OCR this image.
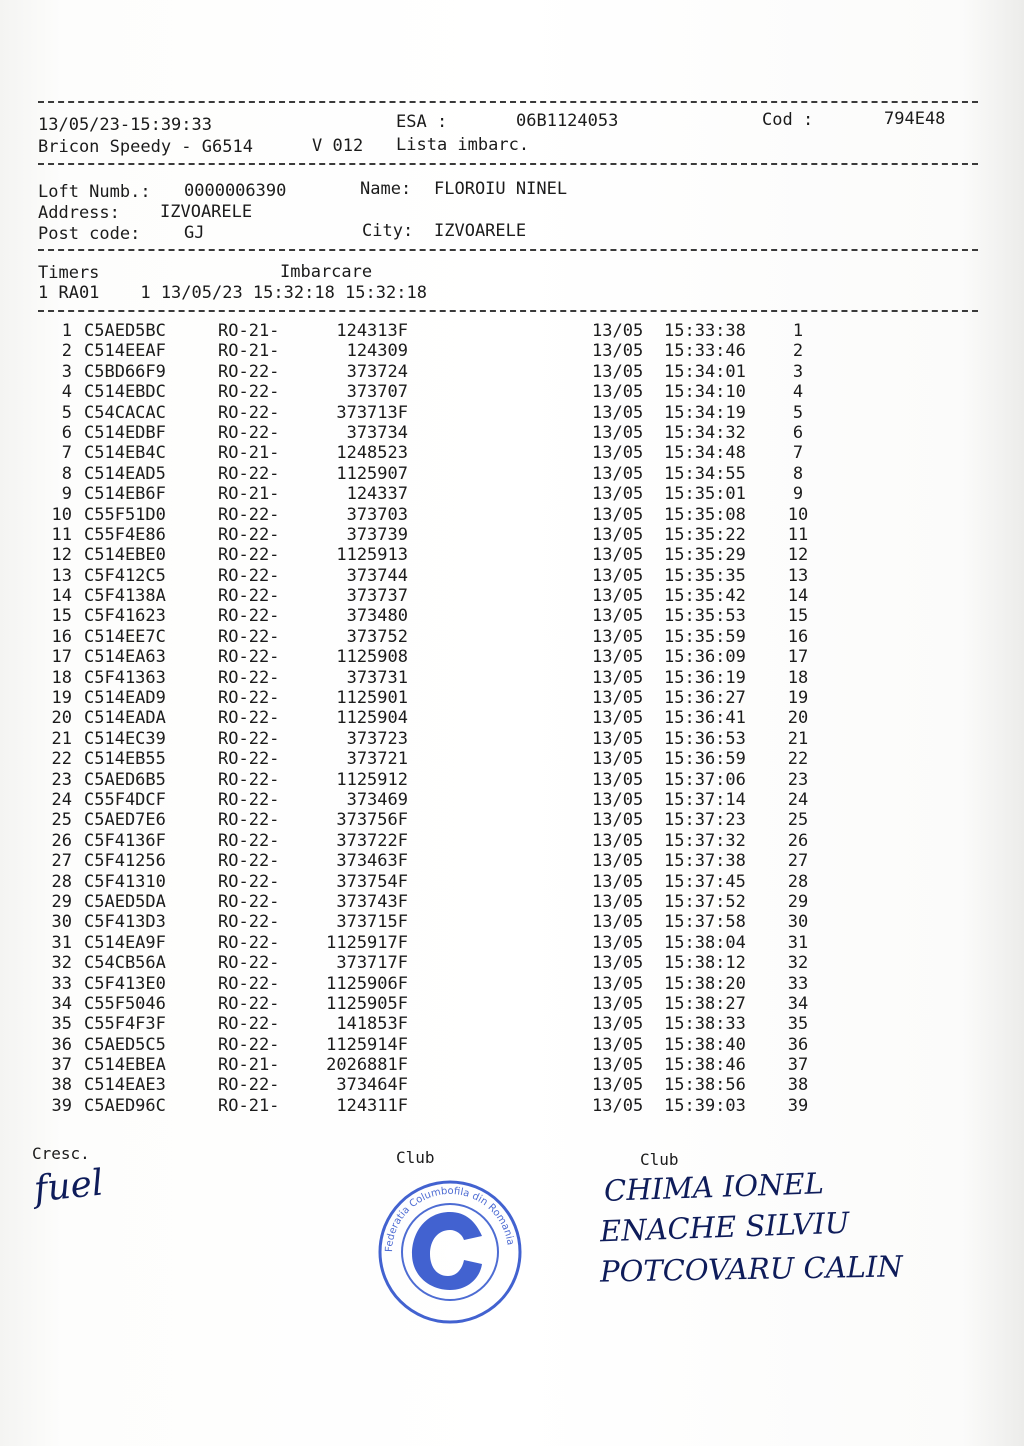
13/05/23-15:39:33	ESA :	06B1124053	Cod :	794E48
Bricon Speedy - G6514	V 012 Lista imbarc.
Loft Numb.: 0000006390	Name: FLOROIU NINEL
Address: IZVOARELE
Post code:	GJ	City: IZVOARELE
Timers	Imbarcare
1 RA01    1 13/05/23 15:32:18 15:32:18
1 C5AED5BC	RO-21-	124313F	13/05 15:33:38	1
2 C514EEAF	RO-21-	124309	13/05 15:33:46	2
3 C5BD66F9	RO-22-	373724	13/05 15:34:01	3
4 C514EBDC	RO-22-	373707	13/05 15:34:10	4
5 C54CACAC	RO-22-	373713F	13/05 15:34:19	5
6 C514EDBF	RO-22-	373734	13/05 15:34:32	6
7 C514EB4C	RO-21-	1248523	13/05 15:34:48	7
8 C514EAD5	RO-22-	1125907	13/05 15:34:55	8
9 C514EB6F	RO-21-	124337	13/05 15:35:01	9
10 C55F51D0	RO-22-	373703	13/05 15:35:08	10
11 C55F4E86	RO-22-	373739	13/05 15:35:22	11
12 C514EBE0	RO-22-	1125913	13/05 15:35:29	12
13 C5F412C5	RO-22-	373744	13/05 15:35:35	13
14 C5F4138A	RO-22-	373737	13/05 15:35:42	14
15 C5F41623	RO-22-	373480	13/05 15:35:53	15
16 C514EE7C	RO-22-	373752	13/05 15:35:59	16
17 C514EA63	RO-22-	1125908	13/05 15:36:09	17
18 C5F41363	RO-22-	373731	13/05 15:36:19	18
19 C514EAD9	RO-22-	1125901	13/05 15:36:27	19
20 C514EADA	RO-22-	1125904	13/05 15:36:41	20
21 C514EC39	RO-22-	373723	13/05 15:36:53	21
22 C514EB55	RO-22-	373721	13/05 15:36:59	22
23 C5AED6B5	RO-22-	1125912	13/05 15:37:06	23
24 C55F4DCF	RO-22-	373469	13/05 15:37:14	24
25 C5AED7E6	RO-22-	373756F	13/05 15:37:23	25
26 C5F4136F	RO-22-	373722F	13/05 15:37:32	26
27 C5F41256	RO-22-	373463F	13/05 15:37:38	27
28 C5F41310	RO-22-	373754F	13/05 15:37:45	28
29 C5AED5DA	RO-22-	373743F	13/05 15:37:52	29
30 C5F413D3	RO-22-	373715F	13/05 15:37:58	30
31 C514EA9F	RO-22-	1125917F	13/05 15:38:04	31
32 C54CB56A	RO-22-	373717F	13/05 15:38:12	32
33 C5F413E0	RO-22-	1125906F	13/05 15:38:20	33
34 C55F5046	RO-22-	1125905F	13/05 15:38:27	34
35 C55F4F3F	RO-22-	141853F	13/05 15:38:33	35
36 C5AED5C5	RO-22-	1125914F	13/05 15:38:40	36
37 C514EBEA	RO-21-	2026881F	13/05 15:38:46	37
38 C514EAE3	RO-22-	373464F	13/05 15:38:56	38
39 C5AED96C	RO-21-	124311F	13/05 15:39:03	39
Cresc.	Club	Club
fuel	CHIMA IONEL
ENACHE SILVIU
POTCOVARU CALIN
Federatia Columbofila din Romania
